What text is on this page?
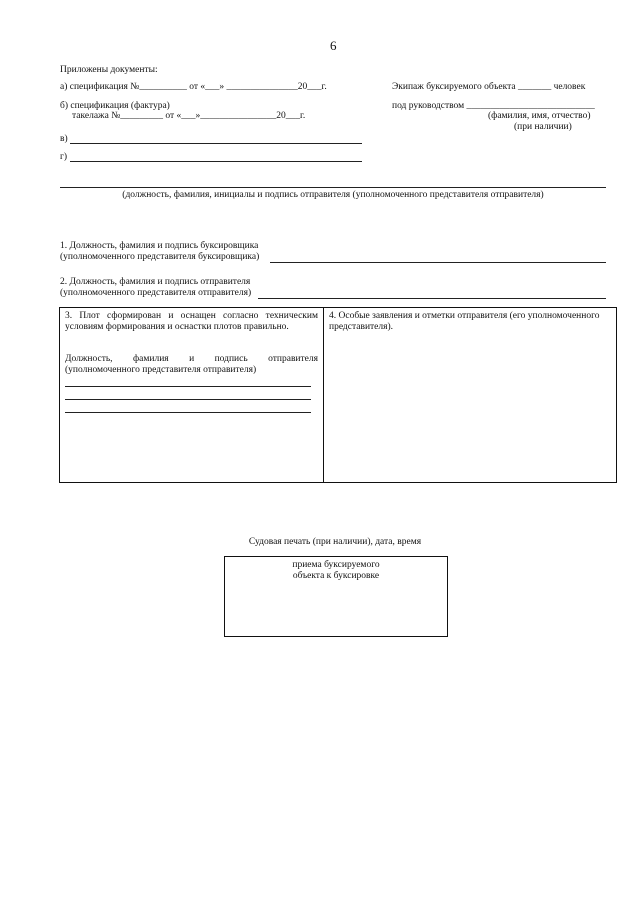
6
Приложены документы:
а) спецификация №__________ от «___» _______________20___г.
б) спецификация (фактура)
такелажа №_________ от «___»________________20___г.
в)
г)
Экипаж буксируемого объекта _______ человек
под руководством ___________________________
(фамилия, имя, отчество)
(при наличии)
(должность, фамилия, инициалы и подпись отправителя (уполномоченного представителя отправителя)
1. Должность, фамилия и подпись буксировщика
(уполномоченного представителя буксировщика)
2. Должность, фамилия и подпись отправителя
(уполномоченного представителя отправителя)
3. Плот сформирован и оснащен согласно техническим
условиям формирования и оснастки плотов правильно.
Должность, фамилия и подпись отправителя
(уполномоченного представителя отправителя)
4. Особые заявления и отметки отправителя (его уполномоченного
представителя).
Судовая печать (при наличии), дата, время
приема буксируемого
объекта к буксировке
